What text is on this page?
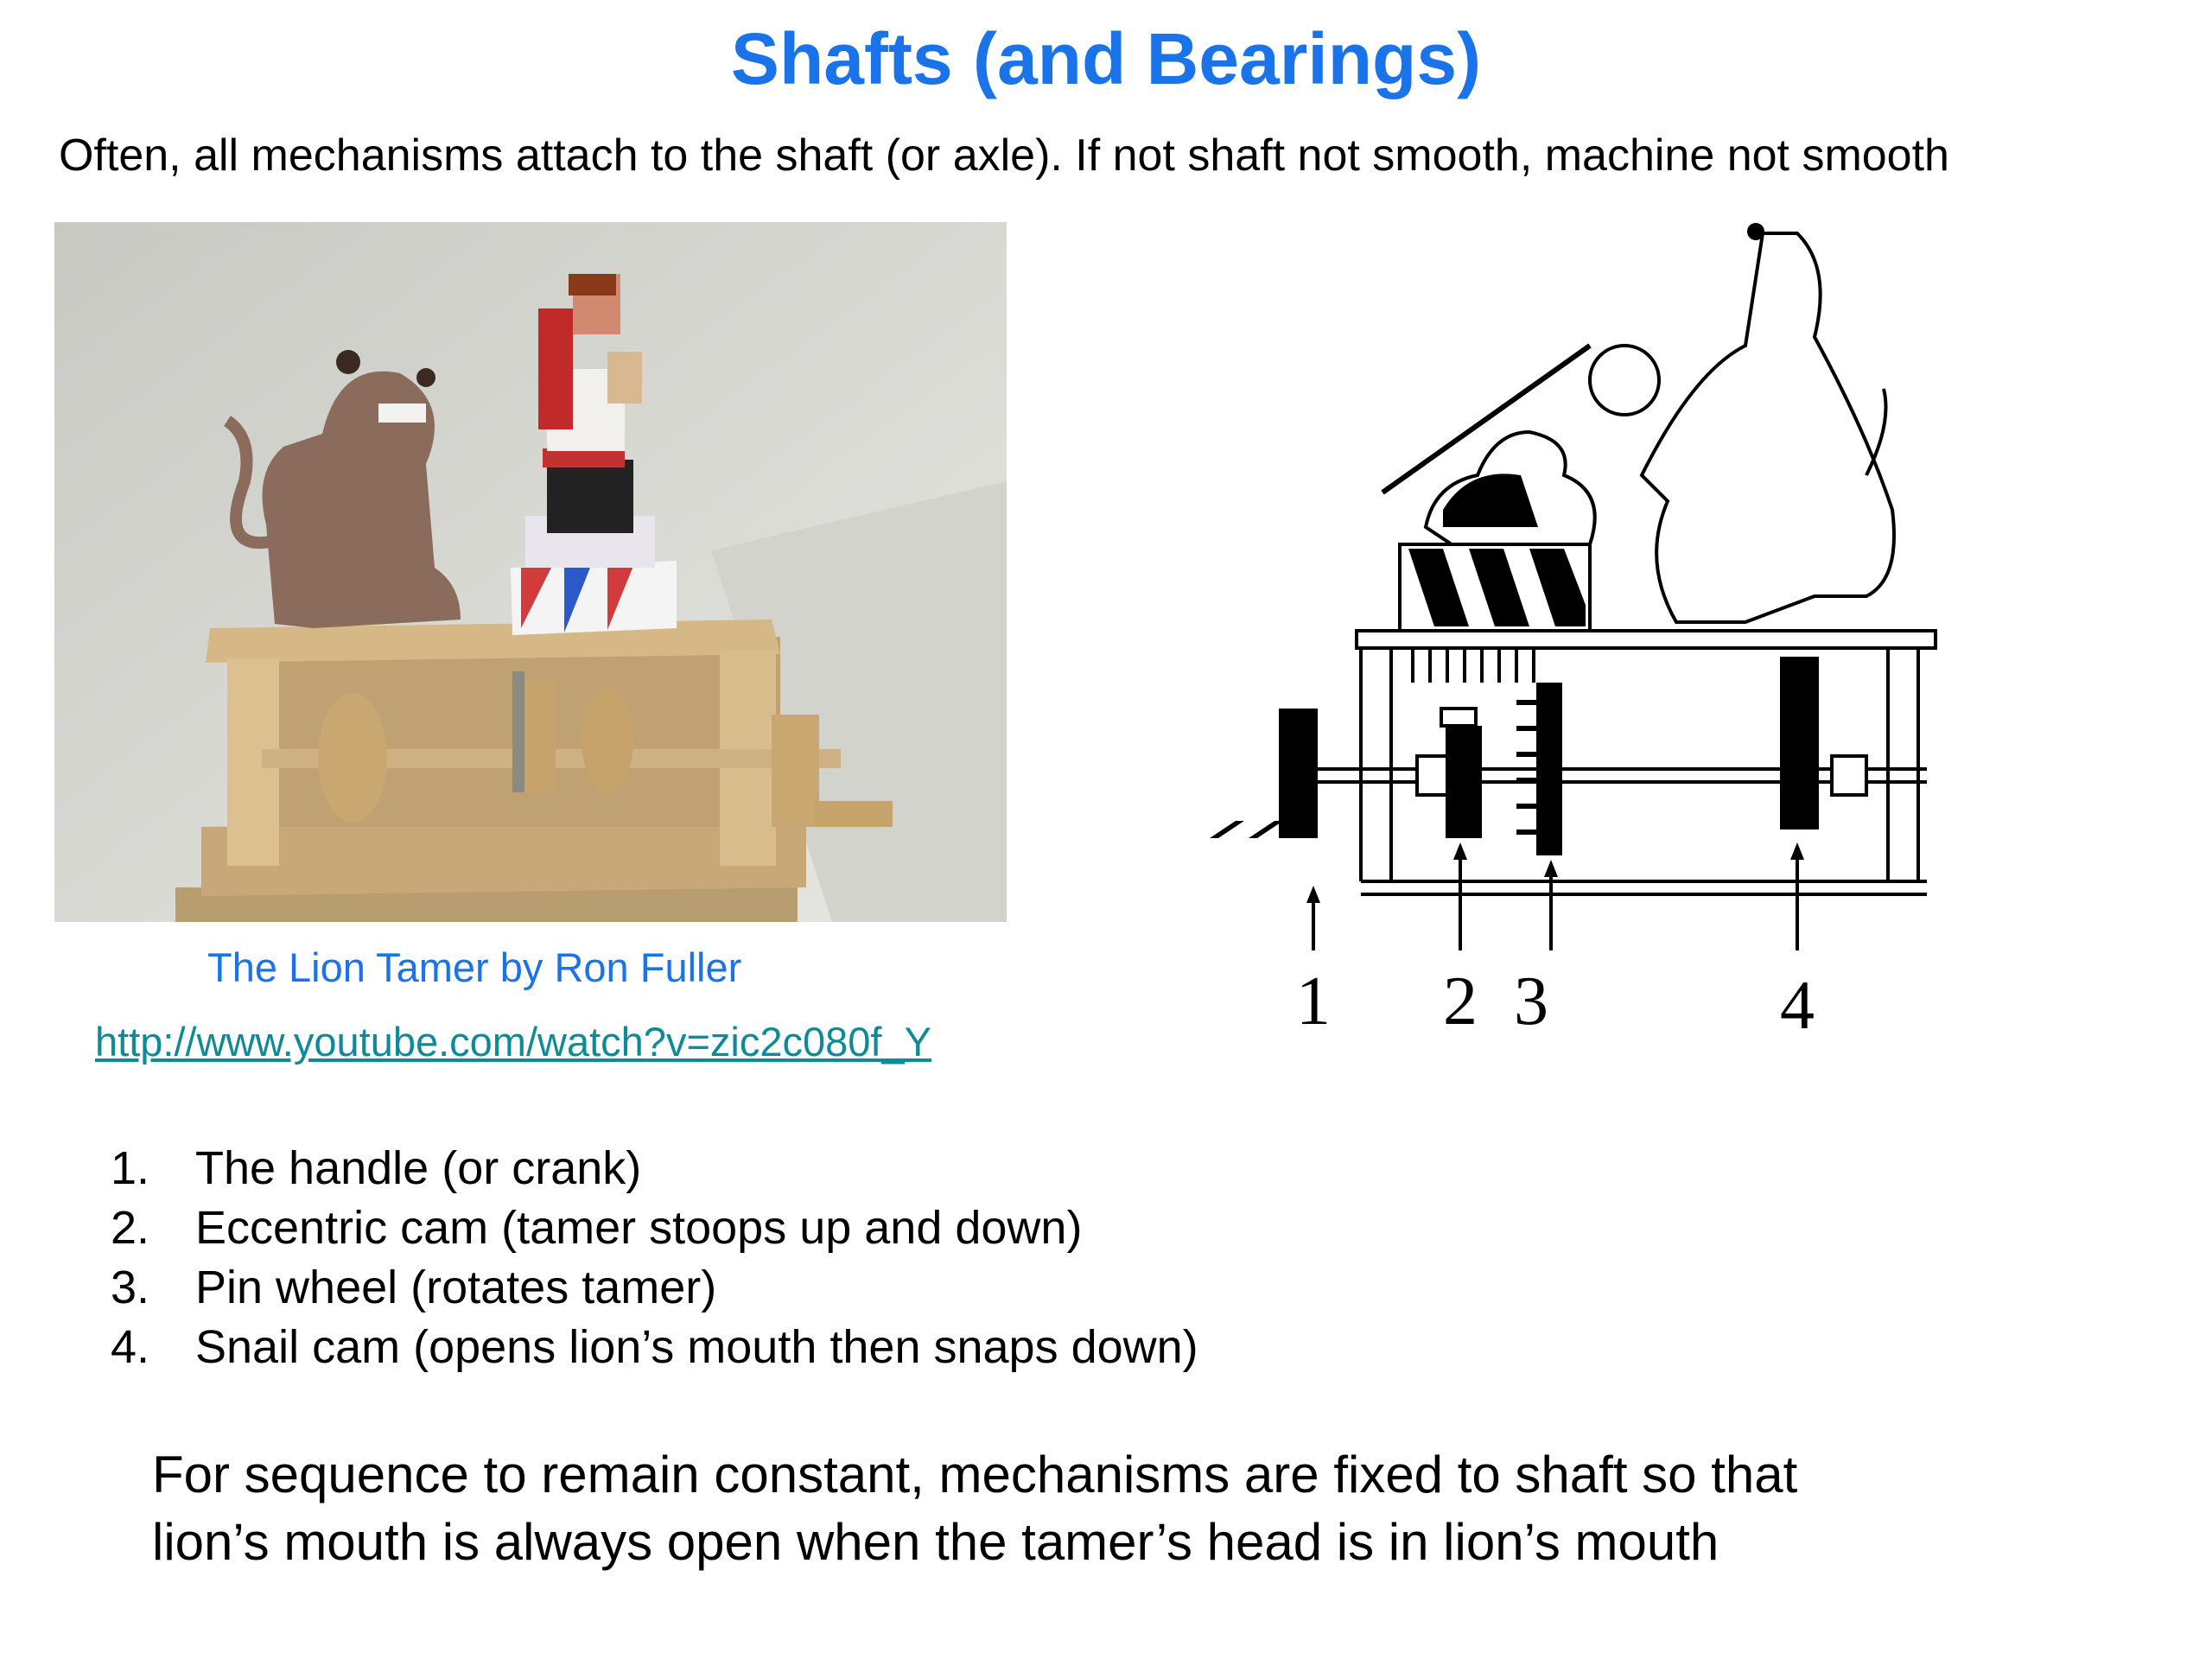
Shafts (and Bearings)
Often, all mechanisms attach to the shaft (or axle). If not shaft not smooth, machine not smooth
The Lion Tamer by Ron Fuller
http://www.youtube.com/watch?v=zic2c080f_Y
1 2 3	4
1. The handle (or crank)
2. Eccentric cam (tamer stoops up and down)
3. Pin wheel (rotates tamer)
4. Snail cam (opens lion’s mouth then snaps down)
For sequence to remain constant, mechanisms are fixed to shaft so that
lion’s mouth is always open when the tamer’s head is in lion’s mouth
